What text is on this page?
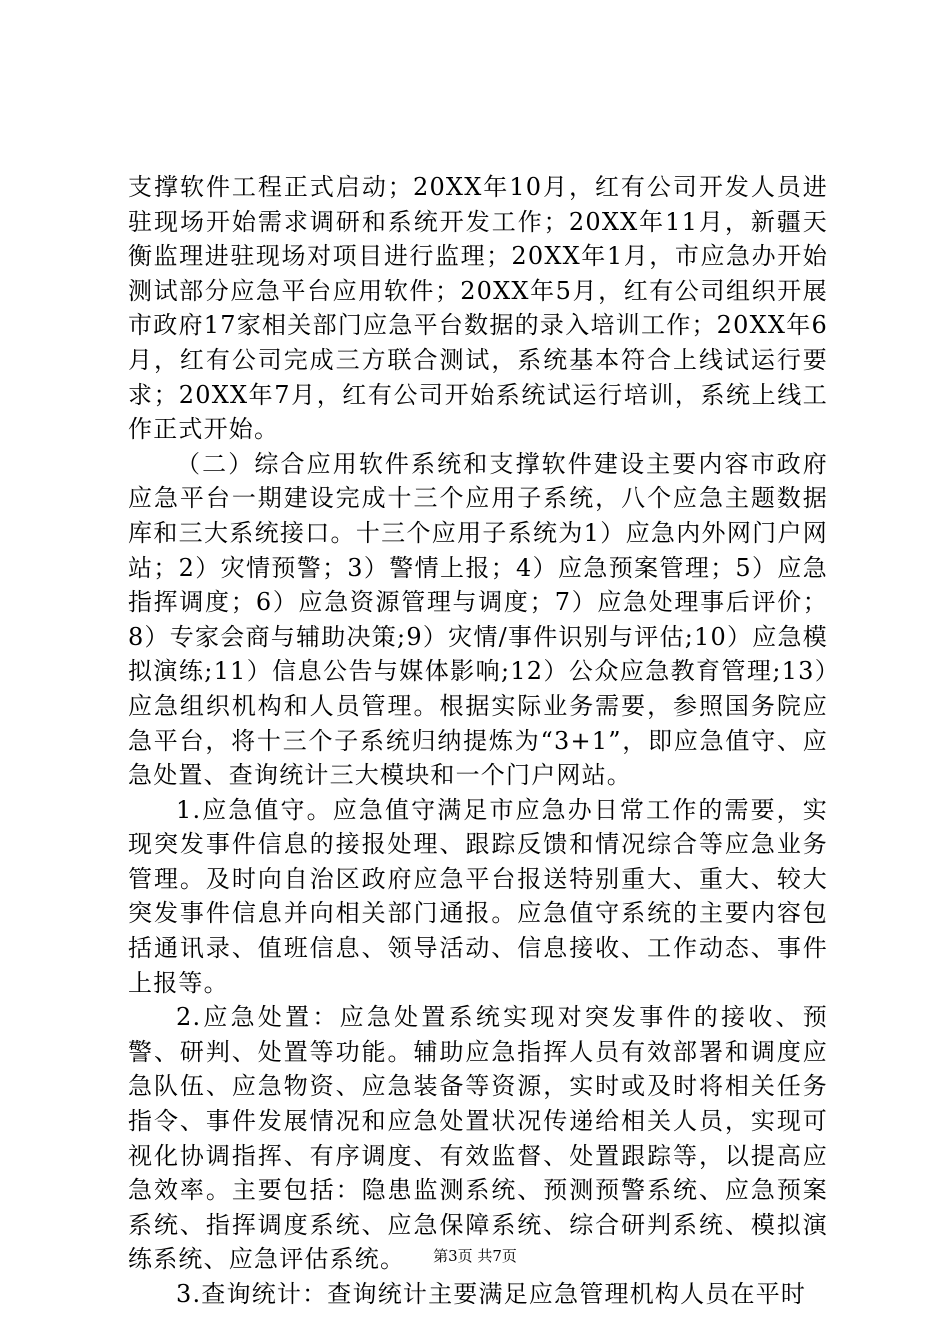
支撑软件工程正式启动；20XX年10月，红有公司开发人员进驻现场开始需求调研和系统开发工作；20XX年11月，新疆天衡监理进驻现场对项目进行监理；20XX年1月，市应急办开始测试部分应急平台应用软件；20XX年5月，红有公司组织开展市政府17家相关部门应急平台数据的录入培训工作；20XX年6月，红有公司完成三方联合测试，系统基本符合上线试运行要求；20XX年7月，红有公司开始系统试运行培训，系统上线工作正式开始。

（二）综合应用软件系统和支撑软件建设主要内容市政府应急平台一期建设完成十三个应用子系统，八个应急主题数据库和三大系统接口。十三个应用子系统为1）应急内外网门户网站；2）灾情预警；3）警情上报；4）应急预案管理；5）应急指挥调度；6）应急资源管理与调度；7）应急处理事后评价；8）专家会商与辅助决策;9）灾情/事件识别与评估;10）应急模拟演练;11）信息公告与媒体影响;12）公众应急教育管理;13）应急组织机构和人员管理。根据实际业务需要，参照国务院应急平台，将十三个子系统归纳提炼为“3+1”，即应急值守、应急处置、查询统计三大模块和一个门户网站。

1.应急值守。应急值守满足市应急办日常工作的需要，实现突发事件信息的接报处理、跟踪反馈和情况综合等应急业务管理。及时向自治区政府应急平台报送特别重大、重大、较大突发事件信息并向相关部门通报。应急值守系统的主要内容包括通讯录、值班信息、领导活动、信息接收、工作动态、事件上报等。

2.应急处置：应急处置系统实现对突发事件的接收、预警、研判、处置等功能。辅助应急指挥人员有效部署和调度应急队伍、应急物资、应急装备等资源，实时或及时将相关任务指令、事件发展情况和应急处置状况传递给相关人员，实现可视化协调指挥、有序调度、有效监督、处置跟踪等，以提高应急效率。主要包括：隐患监测系统、预测预警系统、应急预案系统、指挥调度系统、应急保障系统、综合研判系统、模拟演练系统、应急评估系统。

3.查询统计：查询统计主要满足应急管理机构人员在平时

第3页 共7页
